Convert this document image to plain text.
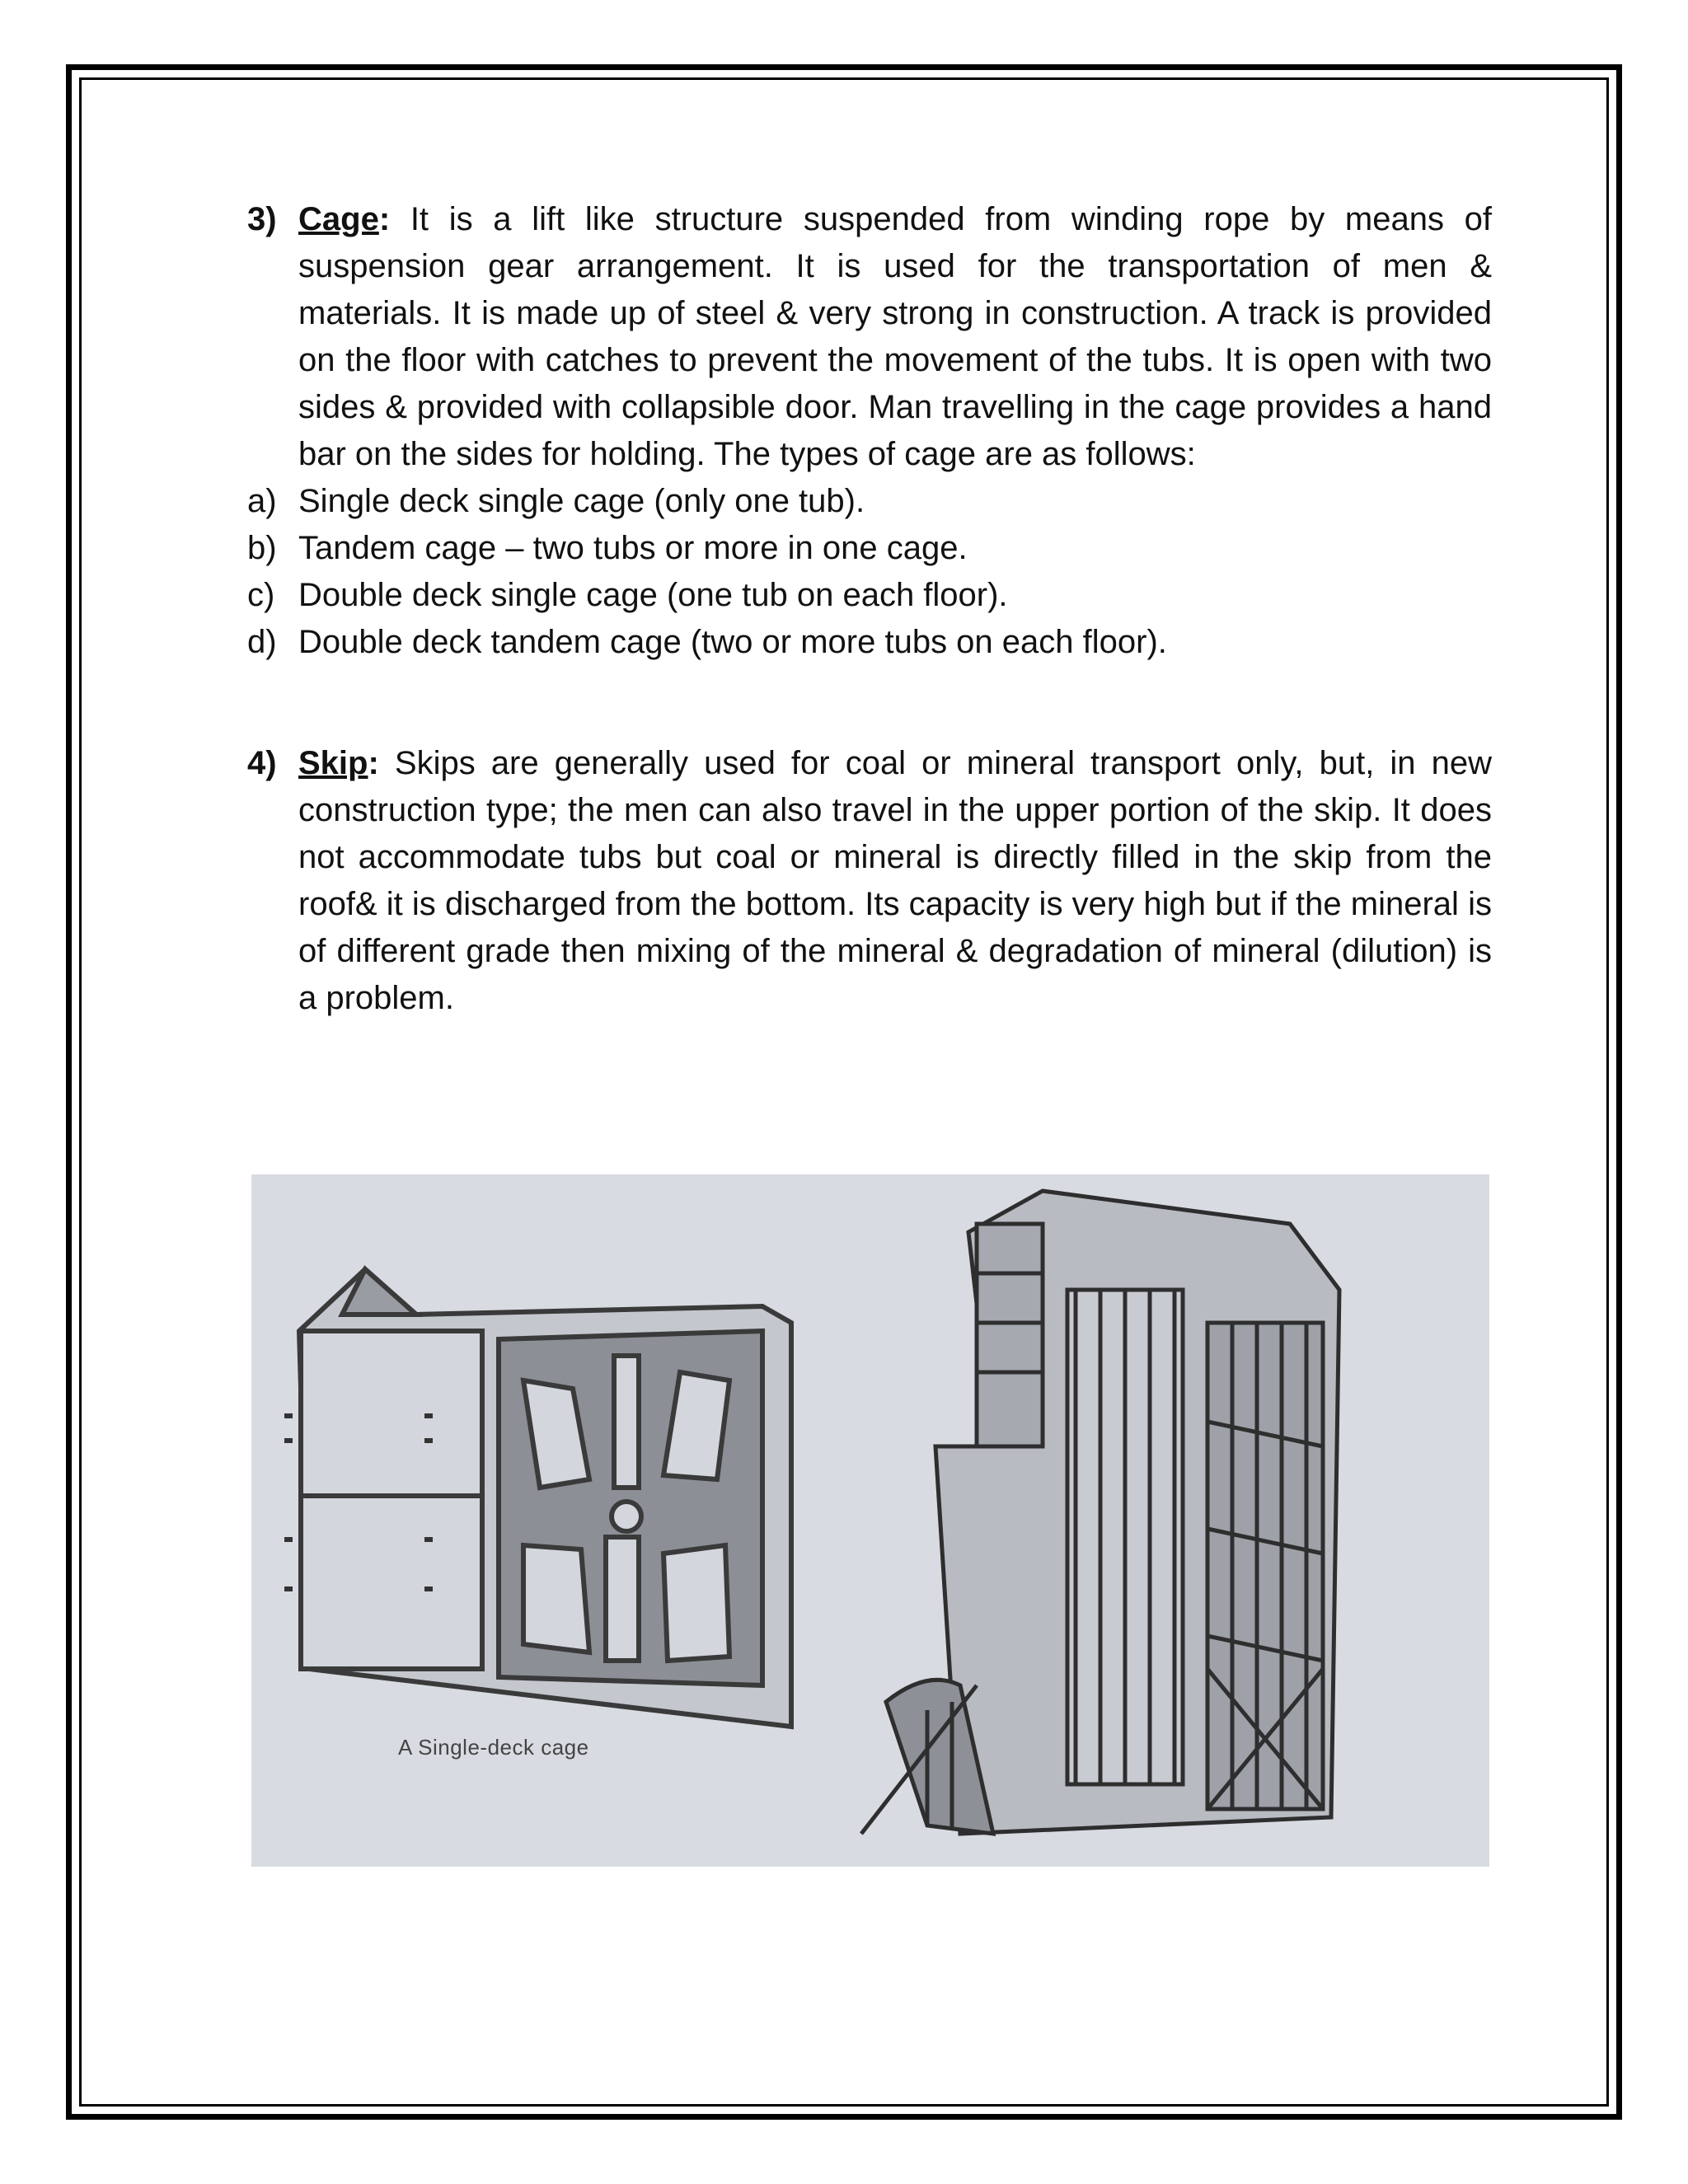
3) Cage: It is a lift like structure suspended from winding rope by means of suspension gear arrangement. It is used for the transportation of men & materials. It is made up of steel & very strong in construction. A track is provided on the floor with catches to prevent the movement of the tubs. It is open with two sides & provided with collapsible door. Man travelling in the cage provides a hand bar on the sides for holding. The types of cage are as follows:
a) Single deck single cage (only one tub).
b) Tandem cage – two tubs or more in one cage.
c) Double deck single cage (one tub on each floor).
d) Double deck tandem cage (two or more tubs on each floor).
4) Skip: Skips are generally used for coal or mineral transport only, but, in new construction type; the men can also travel in the upper portion of the skip. It does not accommodate tubs but coal or mineral is directly filled in the skip from the roof& it is discharged from the bottom. Its capacity is very high but if the mineral is of different grade then mixing of the mineral & degradation of mineral (dilution) is a problem.
A Single-deck cage
